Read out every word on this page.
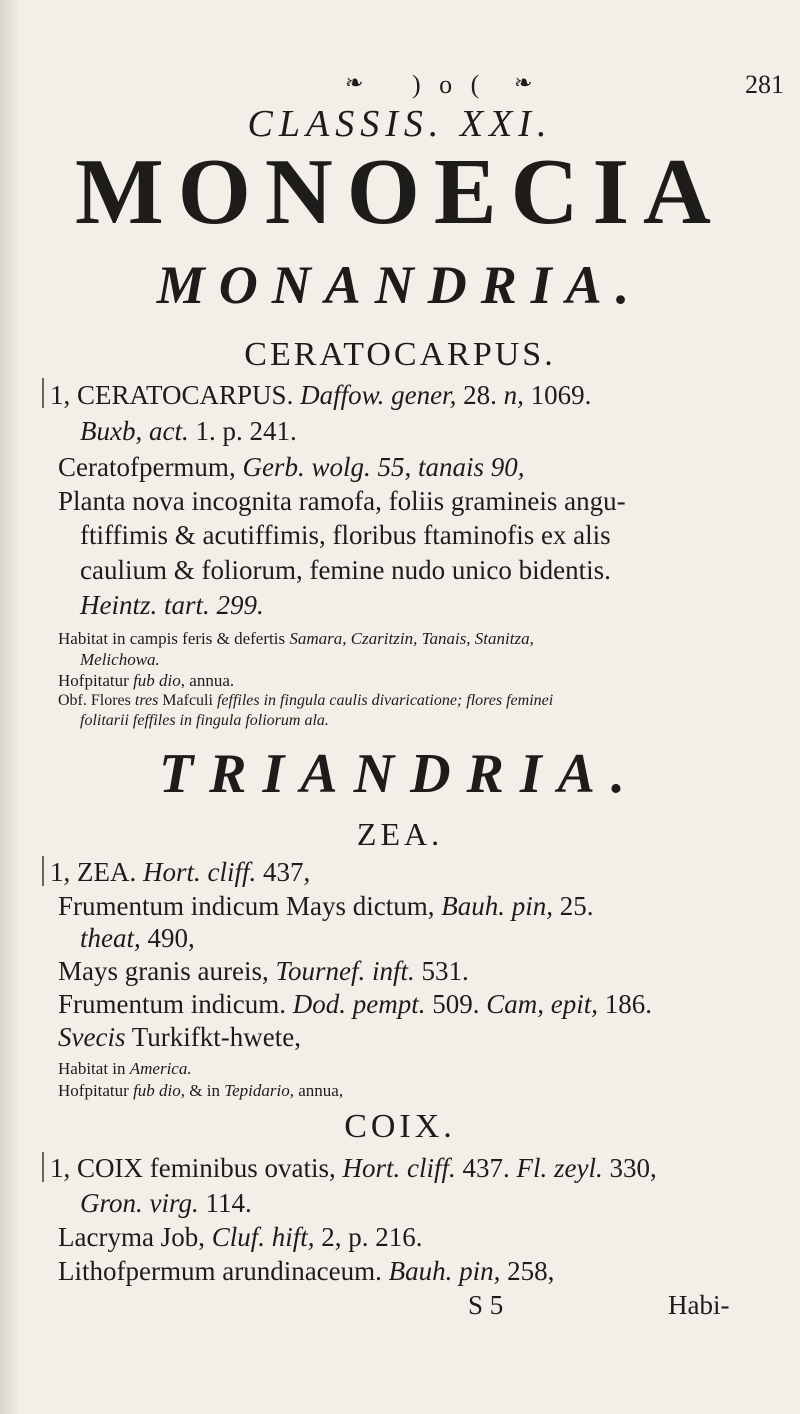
❧ ) o ( ❧	281
CLASSIS. XXI.
MONOECIA
MONANDRIA.
CERATOCARPUS.
1, CERATOCARPUS. Daffow. gener, 28. n, 1069.
Buxb, act. 1. p. 241.
Ceratofpermum, Gerb. wolg. 55, tanais 90,
Planta nova incognita ramofa, foliis gramineis angu-
ftiffimis & acutiffimis, floribus ftaminofis ex alis
caulium & foliorum, femine nudo unico bidentis.
Heintz. tart. 299.
Habitat in campis feris & defertis Samara, Czaritzin, Tanais, Stanitza,
Melichowa.
Hofpitatur fub dio, annua.
Obf. Flores tres Mafculi feffiles in fingula caulis divaricatione; flores feminei
folitarii feffiles in fingula foliorum ala.
TRIANDRIA.
ZEA.
1, ZEA. Hort. cliff. 437,
Frumentum indicum Mays dictum, Bauh. pin, 25.
theat, 490,
Mays granis aureis, Tournef. inft. 531.
Frumentum indicum. Dod. pempt. 509. Cam, epit, 186.
Svecis Turkifkt-hwete,
Habitat in America.
Hofpitatur fub dio, & in Tepidario, annua,
COIX.
1, COIX feminibus ovatis, Hort. cliff. 437. Fl. zeyl. 330,
Gron. virg. 114.
Lacryma Job, Cluf. hift, 2, p. 216.
Lithofpermum arundinaceum. Bauh. pin, 258,
S 5	Habi-
